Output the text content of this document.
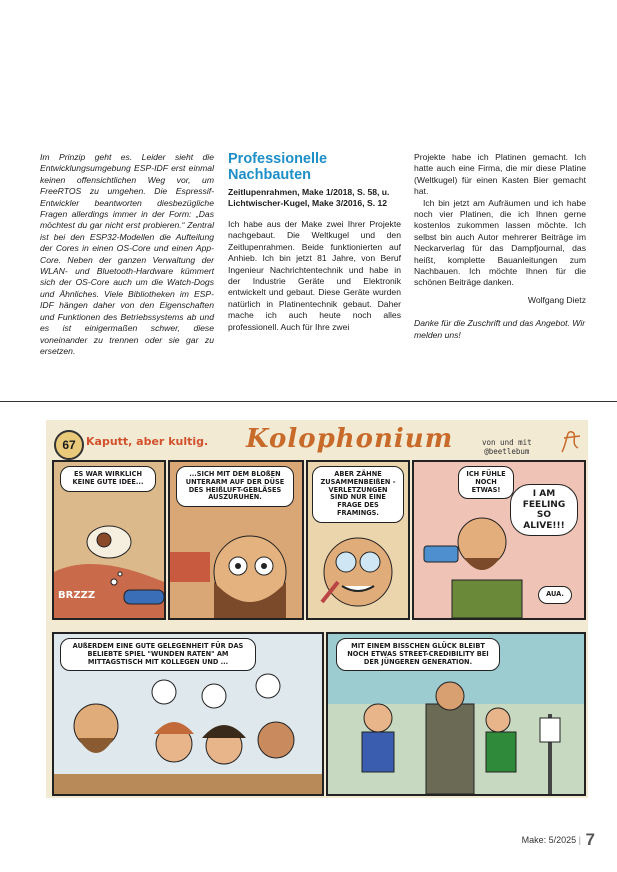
Im Prinzip geht es. Leider sieht die Entwicklungsumgebung ESP-IDF erst einmal keinen offensichtlichen Weg vor, um FreeRTOS zu umgehen. Die Espressif-Entwickler beantworten diesbezügliche Fragen allerdings immer in der Form: „Das möchtest du gar nicht erst probieren.“ Zentral ist bei den ESP32-Modellen die Aufteilung der Cores in einen OS-Core und einen App-Core. Neben der ganzen Verwaltung der WLAN- und Bluetooth-Hardware kümmert sich der OS-Core auch um die Watch-Dogs und Ähnliches. Viele Bibliotheken im ESP-IDF hängen daher von den Eigenschaften und Funktionen des Betriebssystems ab und es ist einigermaßen schwer, diese voneinander zu trennen oder sie gar zu ersetzen.

Professionelle Nachbauten
Zeitlupenrahmen, Make 1/2018, S. 58, u. Lichtwischer-Kugel, Make 3/2016, S. 12

Ich habe aus der Make zwei Ihrer Projekte nachgebaut. Die Weltkugel und den Zeitlupenrahmen. Beide funktionierten auf Anhieb. Ich bin jetzt 81 Jahre, von Beruf Ingenieur Nachrichtentechnik und habe in der Industrie Geräte und Elektronik entwickelt und gebaut. Diese Geräte wurden natürlich in Platinentechnik gebaut. Daher mache ich auch heute noch alles professionell. Auch für Ihre zwei

Projekte habe ich Platinen gemacht. Ich hatte auch eine Firma, die mir diese Platine (Weltkugel) für einen Kasten Bier gemacht hat.

Ich bin jetzt am Aufräumen und ich habe noch vier Platinen, die ich Ihnen gerne kostenlos zukommen lassen möchte. Ich selbst bin auch Autor mehrerer Beiträge im Neckarverlag für das Dampfjournal, das heißt, komplette Bauanleitungen zum Nachbauen. Ich möchte Ihnen für die schönen Beiträge danken.

Wolfgang Dietz

Danke für die Zuschrift und das Angebot. Wir melden uns!

67 Kaputt, aber kultig. Kolophonium	von und mit
@beetlebum
ES WAR WIRKLICH KEINE GUTE IDEE...
BRZZZ
...SICH MIT DEM BLOßEN UNTERARM AUF DER DÜSE DES HEIßLUFT-GEBLÄSES AUSZURUHEN.
ABER ZÄHNE ZUSAMMENBEIßEN - VERLETZUNGEN SIND NUR EINE FRAGE DES FRAMINGS.
ICH FÜHLE NOCH ETWAS!	I AM FEELING SO ALIVE!!!
AUA.
AUßERDEM EINE GUTE GELEGENHEIT FÜR DAS BELIEBTE SPIEL "WUNDEN RATEN" AM MITTAGSTISCH MIT KOLLEGEN UND ...
MIT EINEM BISSCHEN GLÜCK BLEIBT NOCH ETWAS STREET-CREDIBILITY BEI DER JÜNGEREN GENERATION.
Make: 5/2025 | 7
